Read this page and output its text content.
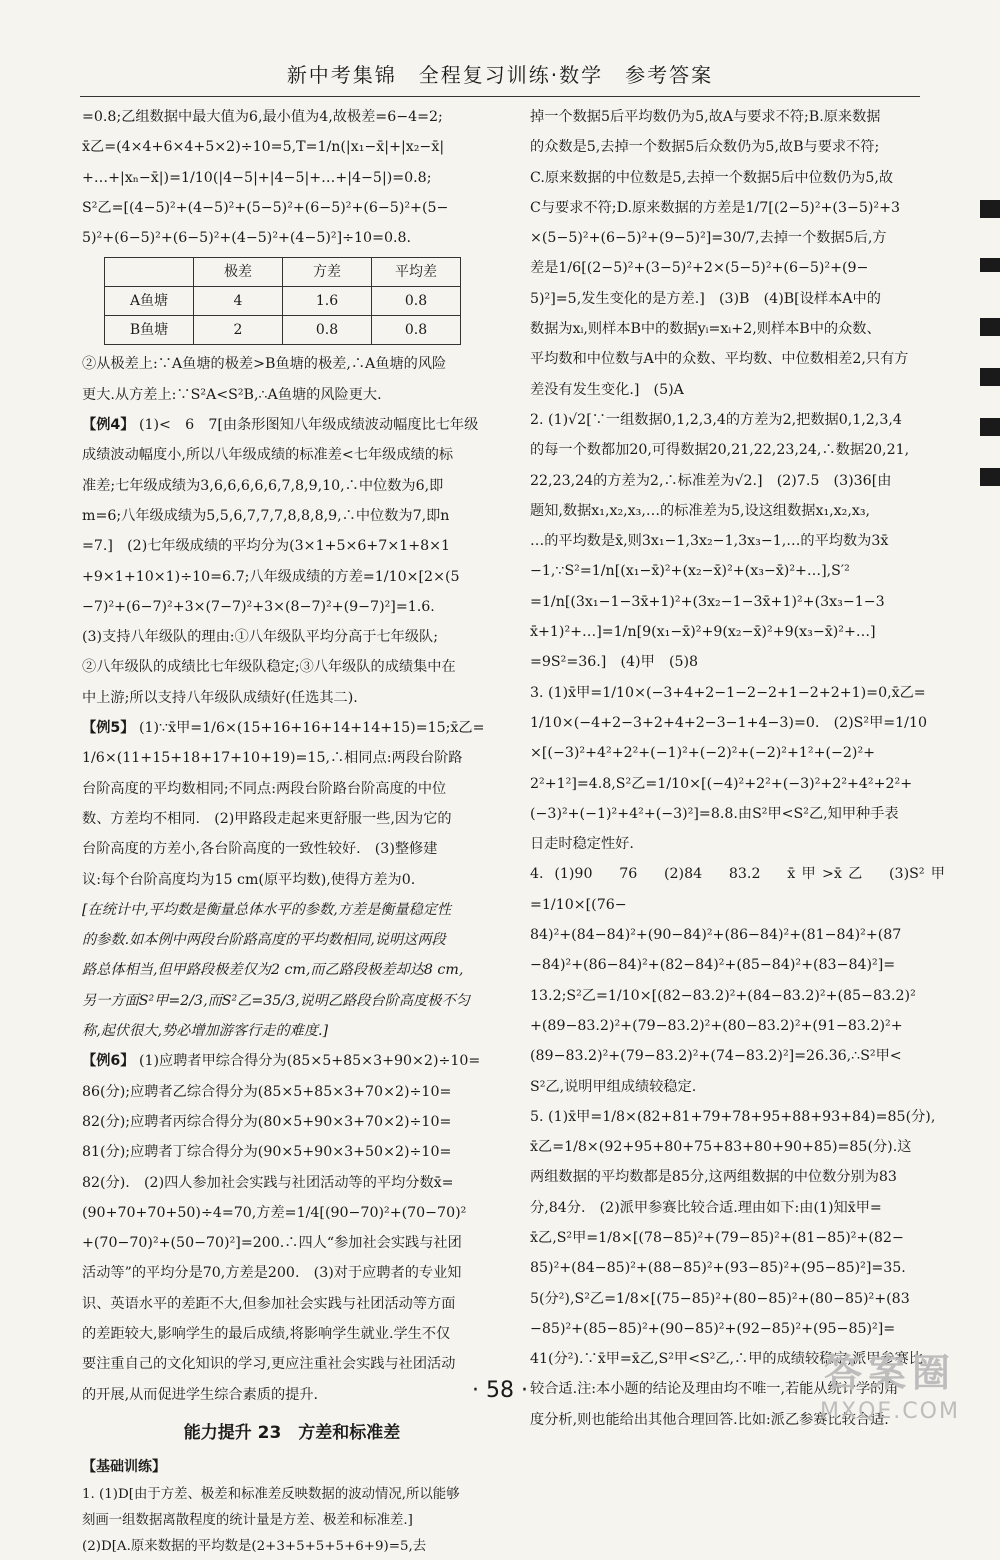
新中考集锦　全程复习训练·数学　参考答案
=0.8;乙组数据中最大值为6,最小值为4,故极差=6−4=2;
x̄乙=(4×4+6×4+5×2)÷10=5,T=1/n(|x₁−x̄|+|x₂−x̄|
+…+|xₙ−x̄|)=1/10(|4−5|+|4−5|+…+|4−5|)=0.8;
S²乙=[(4−5)²+(4−5)²+(5−5)²+(6−5)²+(6−5)²+(5−
5)²+(6−5)²+(6−5)²+(4−5)²+(4−5)²]÷10=0.8.
	极差	方差	平均差
A鱼塘	4	1.6	0.8
B鱼塘	2	0.8	0.8
②从极差上:∵A鱼塘的极差>B鱼塘的极差,∴A鱼塘的风险
更大.从方差上:∵S²A<S²B,∴A鱼塘的风险更大.
【例4】 (1)<　6　7[由条形图知八年级成绩波动幅度比七年级
成绩波动幅度小,所以八年级成绩的标准差<七年级成绩的标
准差;七年级成绩为3,6,6,6,6,6,7,8,9,10,∴中位数为6,即
m=6;八年级成绩为5,5,6,7,7,7,8,8,8,9,∴中位数为7,即n
=7.]　(2)七年级成绩的平均分为(3×1+5×6+7×1+8×1
+9×1+10×1)÷10=6.7;八年级成绩的方差=1/10×[2×(5
−7)²+(6−7)²+3×(7−7)²+3×(8−7)²+(9−7)²]=1.6.
(3)支持八年级队的理由:①八年级队平均分高于七年级队;
②八年级队的成绩比七年级队稳定;③八年级队的成绩集中在
中上游;所以支持八年级队成绩好(任选其二).
【例5】 (1)∵x̄甲=1/6×(15+16+16+14+14+15)=15;x̄乙=
1/6×(11+15+18+17+10+19)=15,∴相同点:两段台阶路
台阶高度的平均数相同;不同点:两段台阶路台阶高度的中位
数、方差均不相同.　(2)甲路段走起来更舒服一些,因为它的
台阶高度的方差小,各台阶高度的一致性较好.　(3)整修建
议:每个台阶高度均为15 cm(原平均数),使得方差为0.
[在统计中,平均数是衡量总体水平的参数,方差是衡量稳定性
的参数.如本例中两段台阶路高度的平均数相同,说明这两段
路总体相当,但甲路段极差仅为2 cm,而乙路段极差却达8 cm,
另一方面S²甲=2/3,而S²乙=35/3,说明乙路段台阶高度极不匀
称,起伏很大,势必增加游客行走的难度.]
【例6】 (1)应聘者甲综合得分为(85×5+85×3+90×2)÷10=
86(分);应聘者乙综合得分为(85×5+85×3+70×2)÷10=
82(分);应聘者丙综合得分为(80×5+90×3+70×2)÷10=
81(分);应聘者丁综合得分为(90×5+90×3+50×2)÷10=
82(分).　(2)四人参加社会实践与社团活动等的平均分数x̄=
(90+70+70+50)÷4=70,方差=1/4[(90−70)²+(70−70)²
+(70−70)²+(50−70)²]=200.∴四人“参加社会实践与社团
活动等”的平均分是70,方差是200.　(3)对于应聘者的专业知
识、英语水平的差距不大,但参加社会实践与社团活动等方面
的差距较大,影响学生的最后成绩,将影响学生就业.学生不仅
要注重自己的文化知识的学习,更应注重社会实践与社团活动
的开展,从而促进学生综合素质的提升.
能力提升 23　方差和标准差
【基础训练】
1. (1)D[由于方差、极差和标准差反映数据的波动情况,所以能够
刻画一组数据离散程度的统计量是方差、极差和标准差.]
(2)D[A.原来数据的平均数是(2+3+5+5+5+6+9)=5,去
掉一个数据5后平均数仍为5,故A与要求不符;B.原来数据
的众数是5,去掉一个数据5后众数仍为5,故B与要求不符;
C.原来数据的中位数是5,去掉一个数据5后中位数仍为5,故
C与要求不符;D.原来数据的方差是1/7[(2−5)²+(3−5)²+3
×(5−5)²+(6−5)²+(9−5)²]=30/7,去掉一个数据5后,方
差是1/6[(2−5)²+(3−5)²+2×(5−5)²+(6−5)²+(9−
5)²]=5,发生变化的是方差.]　(3)B　(4)B[设样本A中的
数据为xᵢ,则样本B中的数据yᵢ=xᵢ+2,则样本B中的众数、
平均数和中位数与A中的众数、平均数、中位数相差2,只有方
差没有发生变化.]　(5)A
2. (1)√2[∵一组数据0,1,2,3,4的方差为2,把数据0,1,2,3,4
的每一个数都加20,可得数据20,21,22,23,24,∴数据20,21,
22,23,24的方差为2,∴标准差为√2.]　(2)7.5　(3)36[由
题知,数据x₁,x₂,x₃,…的标准差为5,设这组数据x₁,x₂,x₃,
…的平均数是x̄,则3x₁−1,3x₂−1,3x₃−1,…的平均数为3x̄
−1,∵S²=1/n[(x₁−x̄)²+(x₂−x̄)²+(x₃−x̄)²+…],S′²
=1/n[(3x₁−1−3x̄+1)²+(3x₂−1−3x̄+1)²+(3x₃−1−3
x̄+1)²+…]=1/n[9(x₁−x̄)²+9(x₂−x̄)²+9(x₃−x̄)²+…]
=9S²=36.]　(4)甲　(5)8
3. (1)x̄甲=1/10×(−3+4+2−1−2−2+1−2+2+1)=0,x̄乙=
1/10×(−4+2−3+2+4+2−3−1+4−3)=0.　(2)S²甲=1/10
×[(−3)²+4²+2²+(−1)²+(−2)²+(−2)²+1²+(−2)²+
2²+1²]=4.8,S²乙=1/10×[(−4)²+2²+(−3)²+2²+4²+2²+
(−3)²+(−1)²+4²+(−3)²]=8.8.由S²甲<S²乙,知甲种手表
日走时稳定性好.
4. (1)90　76　(2)84　83.2　x̄甲>x̄乙　(3)S²甲=1/10×[(76−
84)²+(84−84)²+(90−84)²+(86−84)²+(81−84)²+(87
−84)²+(86−84)²+(82−84)²+(85−84)²+(83−84)²]=
13.2;S²乙=1/10×[(82−83.2)²+(84−83.2)²+(85−83.2)²
+(89−83.2)²+(79−83.2)²+(80−83.2)²+(91−83.2)²+
(89−83.2)²+(79−83.2)²+(74−83.2)²]=26.36,∴S²甲<
S²乙,说明甲组成绩较稳定.
5. (1)x̄甲=1/8×(82+81+79+78+95+88+93+84)=85(分),
x̄乙=1/8×(92+95+80+75+83+80+90+85)=85(分).这
两组数据的平均数都是85分,这两组数据的中位数分别为83
分,84分.　(2)派甲参赛比较合适.理由如下:由(1)知x̄甲=
x̄乙,S²甲=1/8×[(78−85)²+(79−85)²+(81−85)²+(82−
85)²+(84−85)²+(88−85)²+(93−85)²+(95−85)²]=35.
5(分²),S²乙=1/8×[(75−85)²+(80−85)²+(80−85)²+(83
−85)²+(85−85)²+(90−85)²+(92−85)²+(95−85)²]=
41(分²).∵x̄甲=x̄乙,S²甲<S²乙,∴甲的成绩较稳定,派甲参赛比
较合适.注:本小题的结论及理由均不唯一,若能从统计学的角
度分析,则也能给出其他合理回答.比如:派乙参赛比较合适.
· 58 ·	答案圈
MXQE.COM
